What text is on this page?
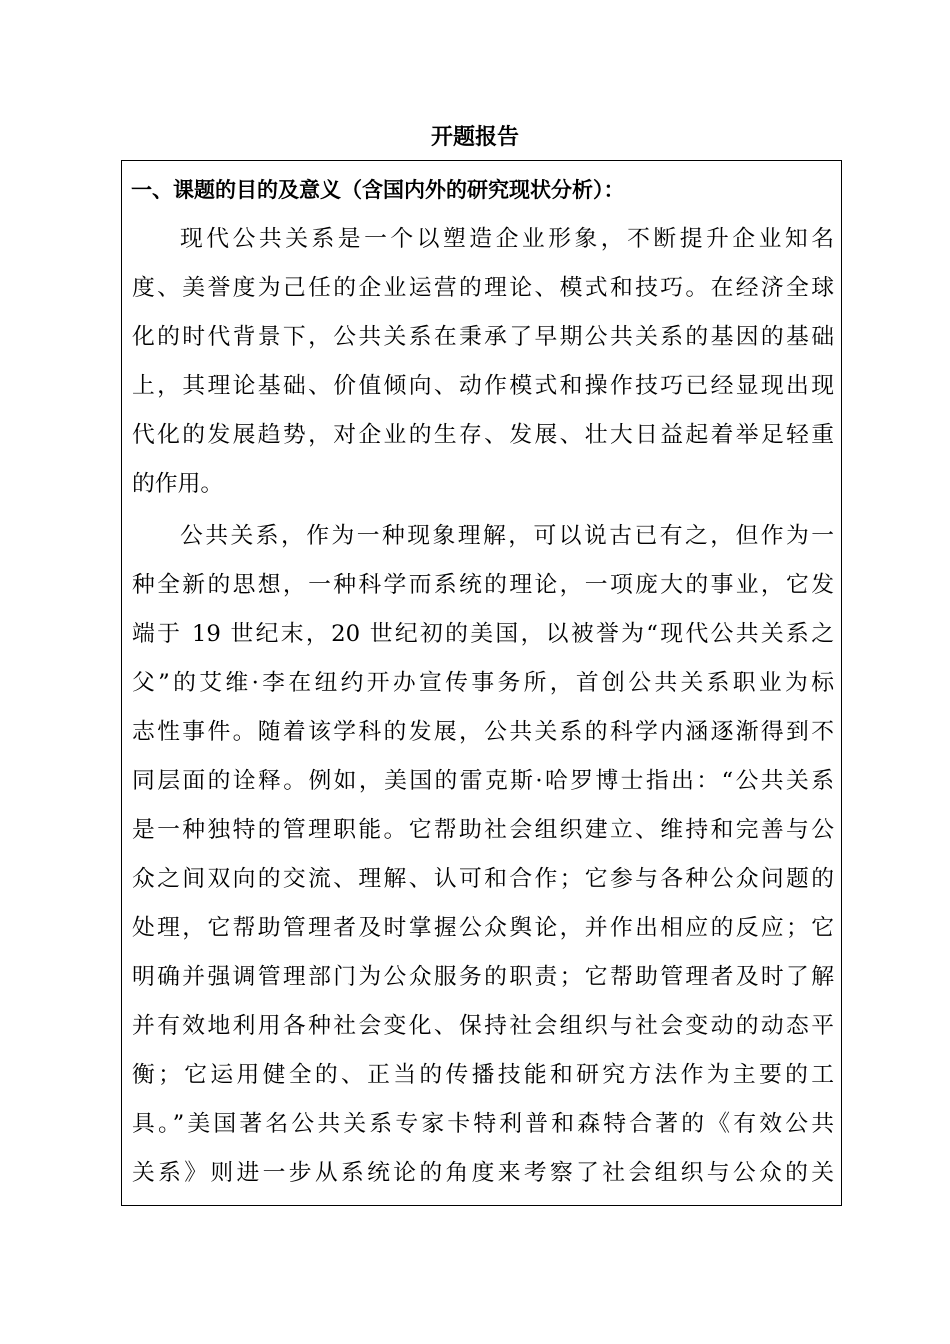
开题报告
一、课题的目的及意义（含国内外的研究现状分析）：
现代公共关系是一个以塑造企业形象，不断提升企业知名
度、美誉度为己任的企业运营的理论、模式和技巧。在经济全球
化的时代背景下，公共关系在秉承了早期公共关系的基因的基础
上，其理论基础、价值倾向、动作模式和操作技巧已经显现出现
代化的发展趋势，对企业的生存、发展、壮大日益起着举足轻重
的作用。
公共关系，作为一种现象理解，可以说古已有之，但作为一
种全新的思想，一种科学而系统的理论，一项庞大的事业，它发
端于 19 世纪末，20 世纪初的美国，以被誉为“现代公共关系之
父”的艾维·李在纽约开办宣传事务所，首创公共关系职业为标
志性事件。随着该学科的发展，公共关系的科学内涵逐渐得到不
同层面的诠释。例如，美国的雷克斯·哈罗博士指出：“公共关系
是一种独特的管理职能。它帮助社会组织建立、维持和完善与公
众之间双向的交流、理解、认可和合作；它参与各种公众问题的
处理，它帮助管理者及时掌握公众舆论，并作出相应的反应；它
明确并强调管理部门为公众服务的职责；它帮助管理者及时了解
并有效地利用各种社会变化、保持社会组织与社会变动的动态平
衡；它运用健全的、正当的传播技能和研究方法作为主要的工
具。”美国著名公共关系专家卡特利普和森特合著的《有效公共
关系》则进一步从系统论的角度来考察了社会组织与公众的关
